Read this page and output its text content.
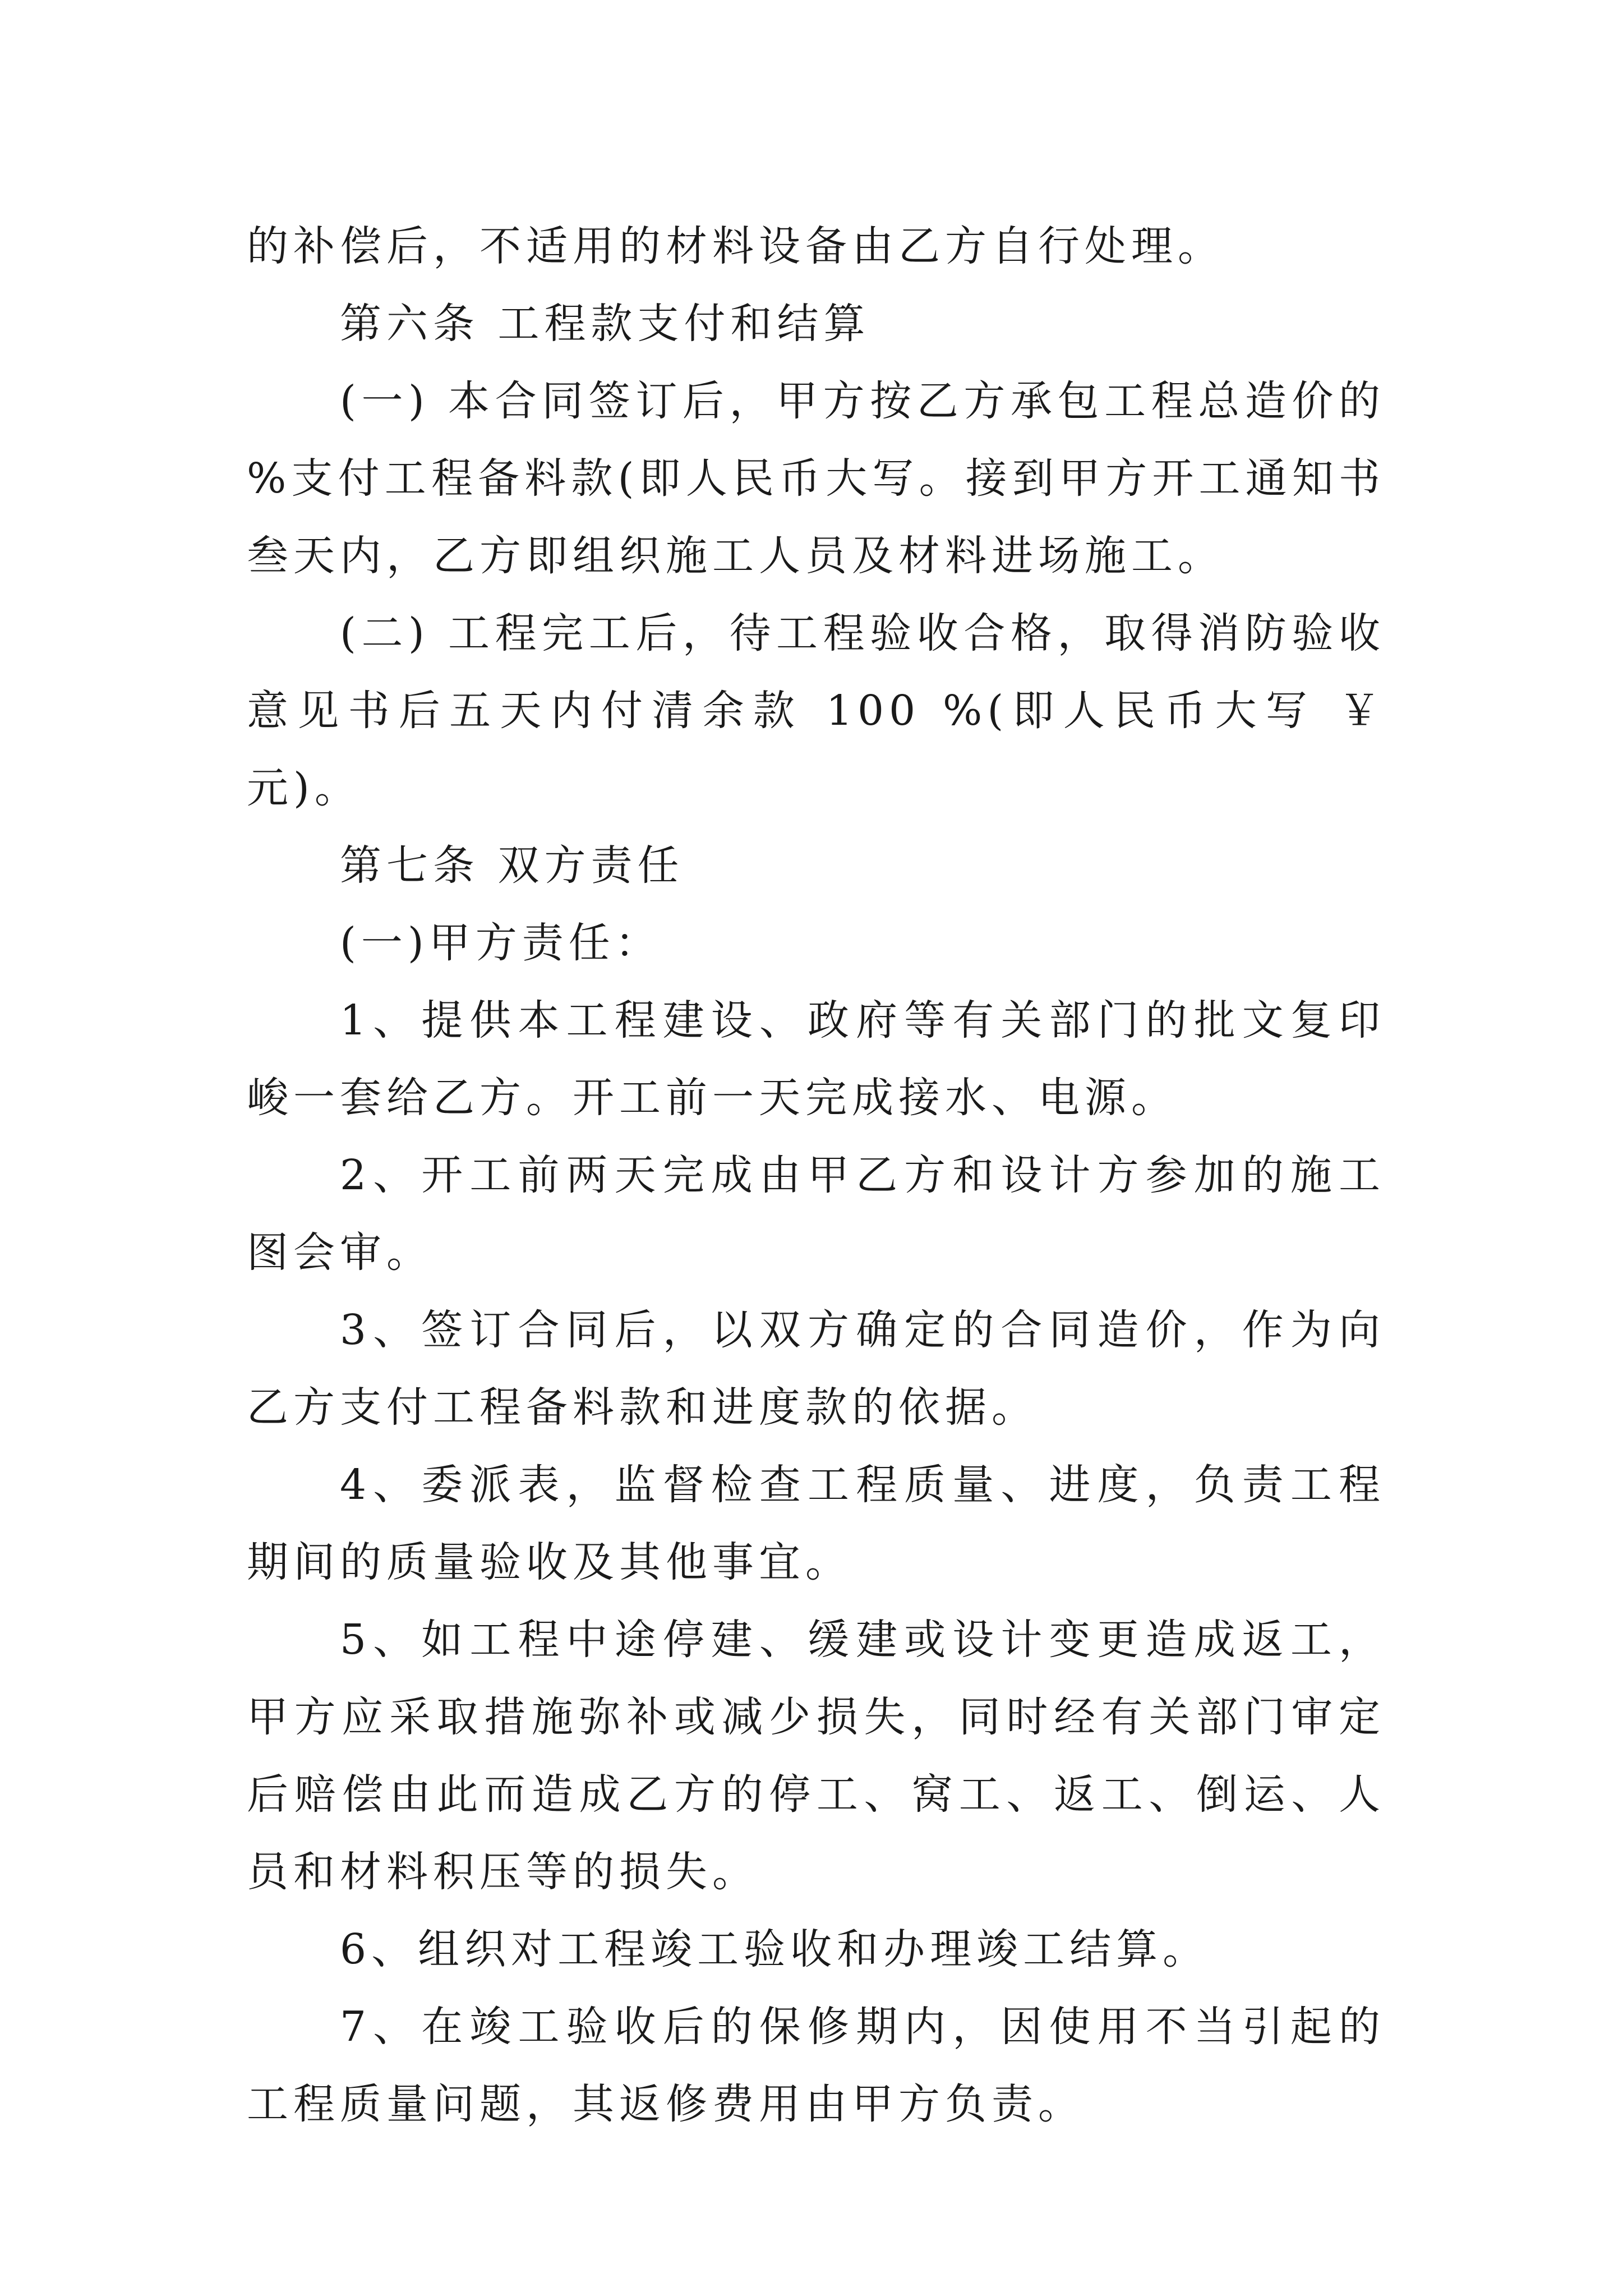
的补偿后，不适用的材料设备由乙方自行处理。

第六条 工程款支付和结算

(一) 本合同签订后，甲方按乙方承包工程总造价的 %支付工程备料款(即人民币大写。接到甲方开工通知书叁天内，乙方即组织施工人员及材料进场施工。

(二) 工程完工后，待工程验收合格，取得消防验收意见书后五天内付清余款 100 %(即人民币大写 ￥ 元)。

第七条 双方责任

(一)甲方责任：

1、提供本工程建设、政府等有关部门的批文复印峻一套给乙方。开工前一天完成接水、电源。

2、开工前两天完成由甲乙方和设计方参加的施工图会审。

3、签订合同后，以双方确定的合同造价，作为向乙方支付工程备料款和进度款的依据。

4、委派表，监督检查工程质量、进度，负责工程期间的质量验收及其他事宜。

5、如工程中途停建、缓建或设计变更造成返工，甲方应采取措施弥补或减少损失，同时经有关部门审定后赔偿由此而造成乙方的停工、窝工、返工、倒运、人员和材料积压等的损失。

6、组织对工程竣工验收和办理竣工结算。

7、在竣工验收后的保修期内，因使用不当引起的工程质量问题，其返修费用由甲方负责。
